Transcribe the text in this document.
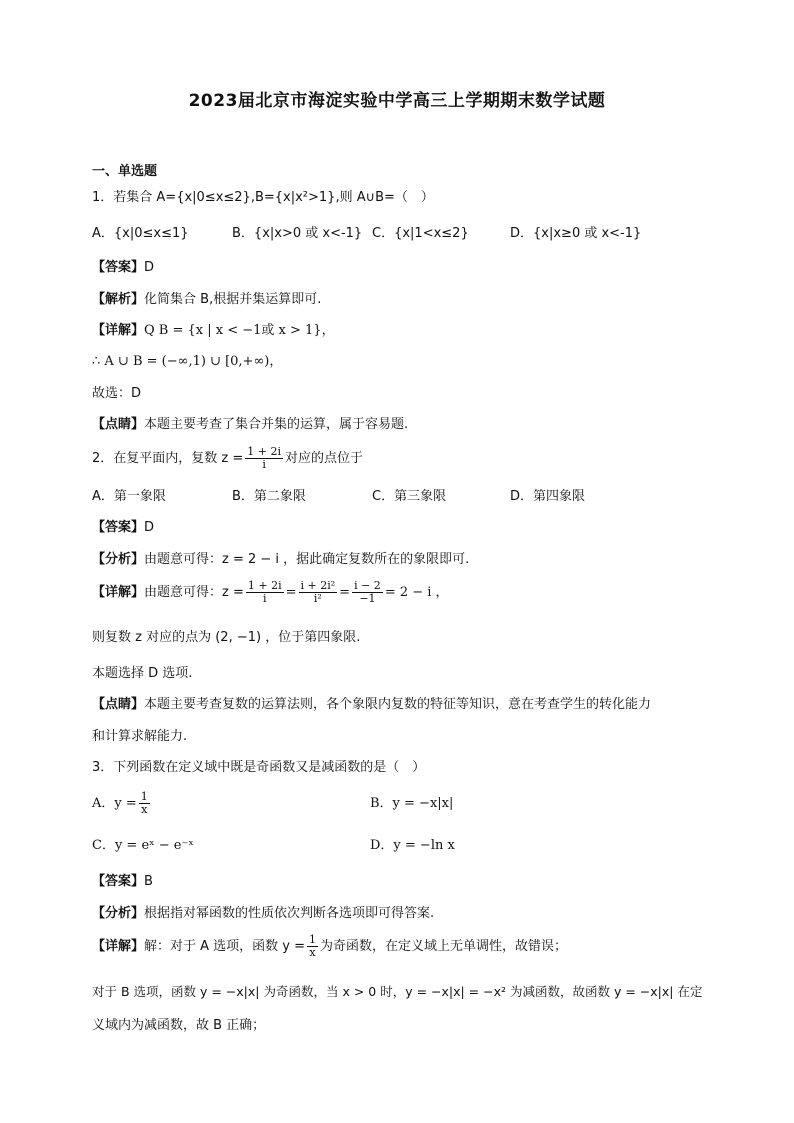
2023届北京市海淀实验中学高三上学期期末数学试题
一、单选题
1．若集合 A={x|0≤x≤2},B={x|x²>1},则 A∪B=（　）
A．{x|0≤x≤1}	B．{x|x>0 或 x<-1} C．{x|1<x≤2}	D．{x|x≥0 或 x<-1}
【答案】D
【解析】化简集合 B,根据并集运算即可.
【详解】Q B = {x | x < −1或 x > 1}，
∴ A ∪ B = (−∞,1) ∪ [0,+∞)，
故选：D
【点睛】本题主要考查了集合并集的运算，属于容易题.
2．在复平面内，复数 $z = \frac{1 + 2i}{i}$ 对应的点位于
A．第一象限	B．第二象限	C．第三象限	D．第四象限
【答案】D
【分析】由题意可得：z = 2 − i ，据此确定复数所在的象限即可.
【详解】由题意可得：$z = \frac{1 + 2i}{i} = \frac{\text{i + 2i²}}{\text{i²}} = \frac{i - 2}{-1} = 2 - i$ ，
则复数 z 对应的点为 (2, −1) ，位于第四象限.
本题选择 D 选项.
【点睛】本题主要考查复数的运算法则，各个象限内复数的特征等知识，意在考查学生的转化能力
和计算求解能力.
3．下列函数在定义域中既是奇函数又是减函数的是（　）
A．$y = \frac{1}{x}$	B．y = −x|x|
C．y = eˣ − e⁻ˣ	D．y = −ln x
【答案】B
【分析】根据指对幂函数的性质依次判断各选项即可得答案.
【详解】解：对于 A 选项，函数 $y = \frac{1}{x}$ 为奇函数，在定义域上无单调性，故错误；
对于 B 选项，函数 y = −x|x| 为奇函数，当 x > 0 时，y = −x|x| = −x² 为减函数，故函数 y = −x|x| 在定
义域内为减函数，故 B 正确；
